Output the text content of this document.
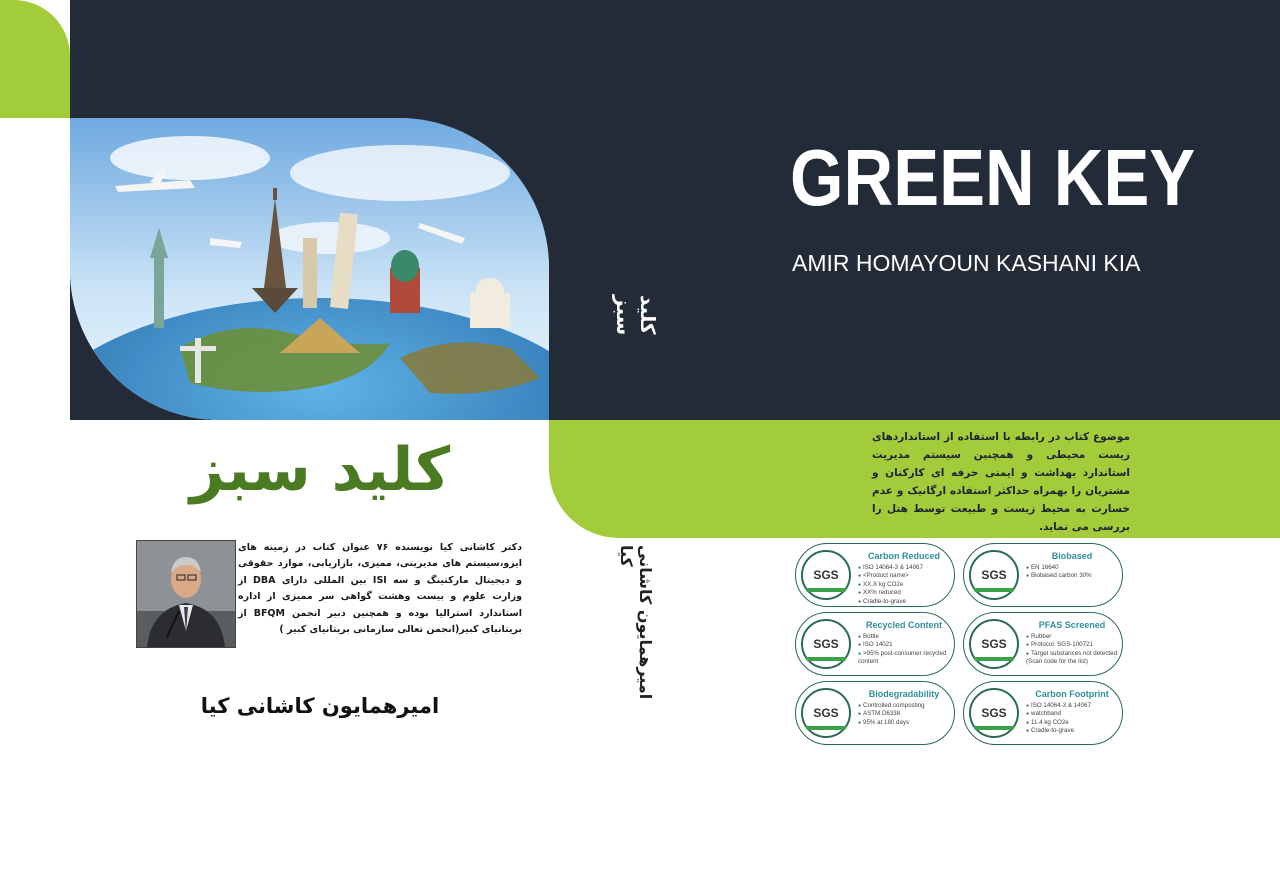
GREEN KEY
AMIR HOMAYOUN KASHANI KIA
کلید سبز
امیرهمایون کاشانی کیا

موضوع کتاب در رابطه با استفاده از استانداردهای زیست محیطی و همچنین سیستم مدیریت استاندارد بهداشت و ایمنی حرفه ای کارکنان و مشتریان را بهمراه حداکثر استفاده ارگانیک و عدم خسارت به محیط زیست و طبیعت توسط هتل را بررسی می نماید.

کلید سبز

دکتر کاشانی کیا نویسنده ۷۶ عنوان کتاب در زمینه های ایزو،سیستم های مدیریتی، ممیزی، بازاریابی، موارد حقوقی و دیجیتال مارکتینگ و سه ISI بین المللی دارای DBA از وزارت علوم و بیست وهشت گواهی سر ممیزی از اداره استاندارد استرالیا بوده و همچنین دبیر انجمن BFQM از بریتانیای کبیر(انجمن تعالی سازمانی بریتانیای کبیر )

امیرهمایون کاشانی کیا
SGS
Carbon Reduced
● ISO 14064-3 & 14067
● <Product name>
● XX.X kg CO2e
● XX% reduced
● Cradle-to-grave
SGS
Biobased
● EN 16640
● Biobased carbon 30%
SGS
Recycled Content
● Bottle
● ISO 14021
● >95% post-consumer recycled content
SGS
PFAS Screened
● Rubber
● Protocol: SGS-100721
● Target substances not detected (Scan code for the list)
SGS
Biodegradability
● Controlled composting
● ASTM D6338
● 95% at 180 days
SGS
Carbon Footprint
● ISO 14064-3 & 14067
● watchband
● 11.4 kg CO2e
● Cradle-to-grave
